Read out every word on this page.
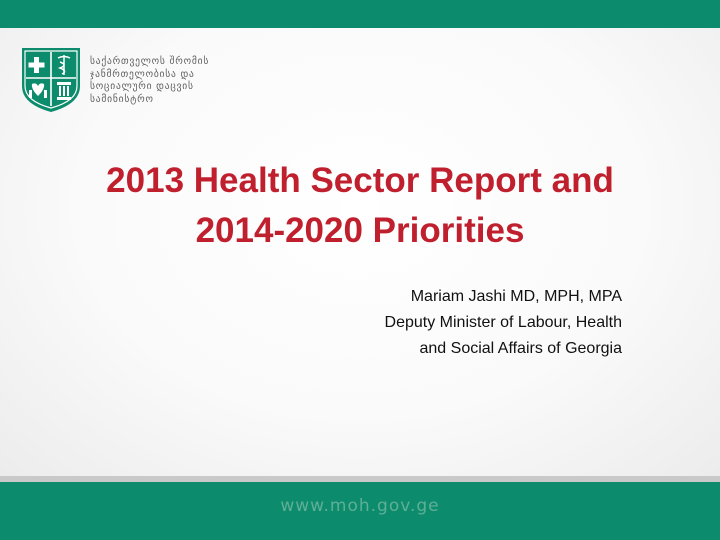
საქართველოს შრომის
ჯანმრთელობისა და
სოციალური დაცვის
სამინისტრო
2013 Health Sector Report and
2014-2020 Priorities
Mariam Jashi MD, MPH, MPA
Deputy Minister of Labour, Health
and Social Affairs of Georgia
www.moh.gov.ge
